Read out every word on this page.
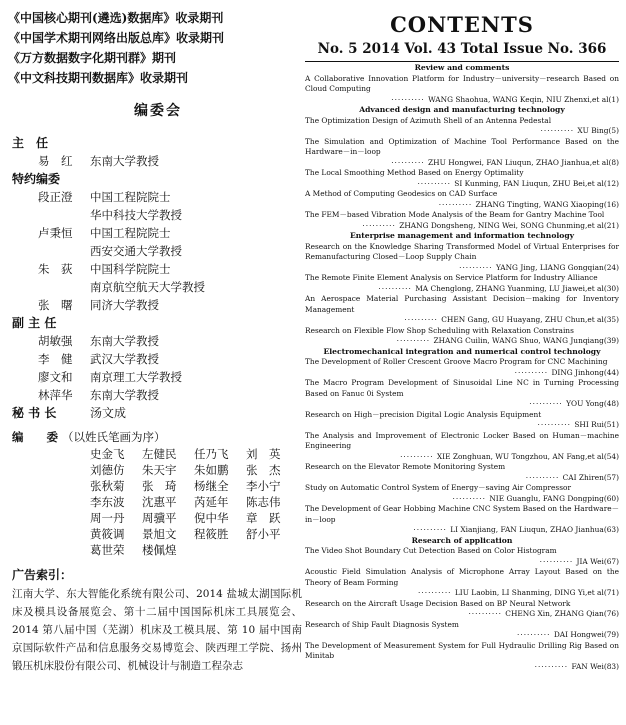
《中国核心期刊(遴选)数据库》收录期刊
《中国学术期刊网络出版总库》收录期刊
《万方数据数字化期刊群》期刊
《中文科技期刊数据库》收录期刊
编委会
主　任
易　红	东南大学教授
特约编委
段正澄	中国工程院院士
华中科技大学教授
卢秉恒	中国工程院院士
西安交通大学教授
朱　荻	中国科学院院士
南京航空航天大学教授
张　曙	同济大学教授
副 主 任
胡敏强	东南大学教授
李　健	武汉大学教授
廖文和	南京理工大学教授
林萍华	东南大学教授
秘 书 长	汤文成
编　　委 （以姓氏笔画为序）
史金飞	左健民	任乃飞	刘　英
刘德仿	朱天宇	朱如鹏	张　杰
张秋菊	张　琦	杨继全	李小宁
李东波	沈惠平	芮延年	陈志伟
周一丹	周骥平	倪中华	章　跃
黄筱调	景旭文	程筱胜	舒小平
葛世荣	楼佩煌
广告索引：
江南大学、东大智能化系统有限公司、2014 盐城太湖国际机床及模具设备展览会、第十二届中国国际机床工具展览会、2014 第八届中国（芜湖）机床及工模具展、第 10 届中国南京国际软件产品和信息服务交易博览会、陕西理工学院、扬州锻压机床股份有限公司、机械设计与制造工程杂志
CONTENTS
No. 5 2014 Vol. 43 Total Issue No. 366
Review and comments
A Collaborative Innovation Platform for Industry－university－research Based on Cloud Computing
·········· WANG Shaohua, WANG Keqin, NIU Zhenxi,et al(1)
Advanced design and manufacturing technology
The Optimization Design of Azimuth Shell of an Antenna Pedestal
·········· XU Bing(5)
The Simulation and Optimization of Machine Tool Performance Based on the Hardware－in－loop
·········· ZHU Hongwei, FAN Liuqun, ZHAO Jianhua,et al(8)
The Local Smoothing Method Based on Energy Optimality
·········· SI Kunming, FAN Liuqun, ZHU Bei,et al(12)
A Method of Computing Geodesics on CAD Surface
·········· ZHANG Tingting, WANG Xiaoping(16)
The FEM－based Vibration Mode Analysis of the Beam for Gantry Machine Tool
·········· ZHANG Dongsheng, NING Wei, SONG Chunming,et al(21)
Enterprise management and information technology
Research on the Knowledge Sharing Transformed Model of Virtual Enterprises for Remanufacturing Closed－Loop Supply Chain
·········· YANG Jing, LIANG Gongqian(24)
The Remote Finite Element Analysis on Service Platform for Industry Alliance
·········· MA Chenglong, ZHANG Yuanming, LU Jiawei,et al(30)
An Aerospace Material Purchasing Assistant Decision－making for Inventory Management
·········· CHEN Gang, GU Huayang, ZHU Chun,et al(35)
Research on Flexible Flow Shop Scheduling with Relaxation Constrains
·········· ZHANG Cuilin, WANG Shuo, WANG Junqiang(39)
Electromechanical integration and numerical control technology
The Development of Roller Crescent Groove Macro Program for CNC Machining
·········· DING Jinhong(44)
The Macro Program Development of Sinusoidal Line NC in Turning Processing Based on Fanuc 0i System
·········· YOU Yong(48)
Research on High－precision Digital Logic Analysis Equipment
·········· SHI Rui(51)
The Analysis and Improvement of Electronic Locker Based on Human－machine Engineering
·········· XIE Zonghuan, WU Tongzhou, AN Fang,et al(54)
Research on the Elevator Remote Monitoring System
·········· CAI Zhiren(57)
Study on Automatic Control System of Energy－saving Air Compressor
·········· NIE Guanglu, FANG Dongping(60)
The Development of Gear Hobbing Machine CNC System Based on the Hardware－in－loop
·········· LI Xianjiang, FAN Liuqun, ZHAO Jianhua(63)
Research of application
The Video Shot Boundary Cut Detection Based on Color Histogram
·········· JIA Wei(67)
Acoustic Field Simulation Analysis of Microphone Array Layout Based on the Theory of Beam Forming
·········· LIU Laobin, LI Shanming, DING Yi,et al(71)
Research on the Aircraft Usage Decision Based on BP Neural Network
·········· CHENG Xin, ZHANG Qian(76)
Research of Ship Fault Diagnosis System
·········· DAI Hongwei(79)
The Development of Measurement System for Full Hydraulic Drilling Rig Based on Minitab
·········· FAN Wei(83)
